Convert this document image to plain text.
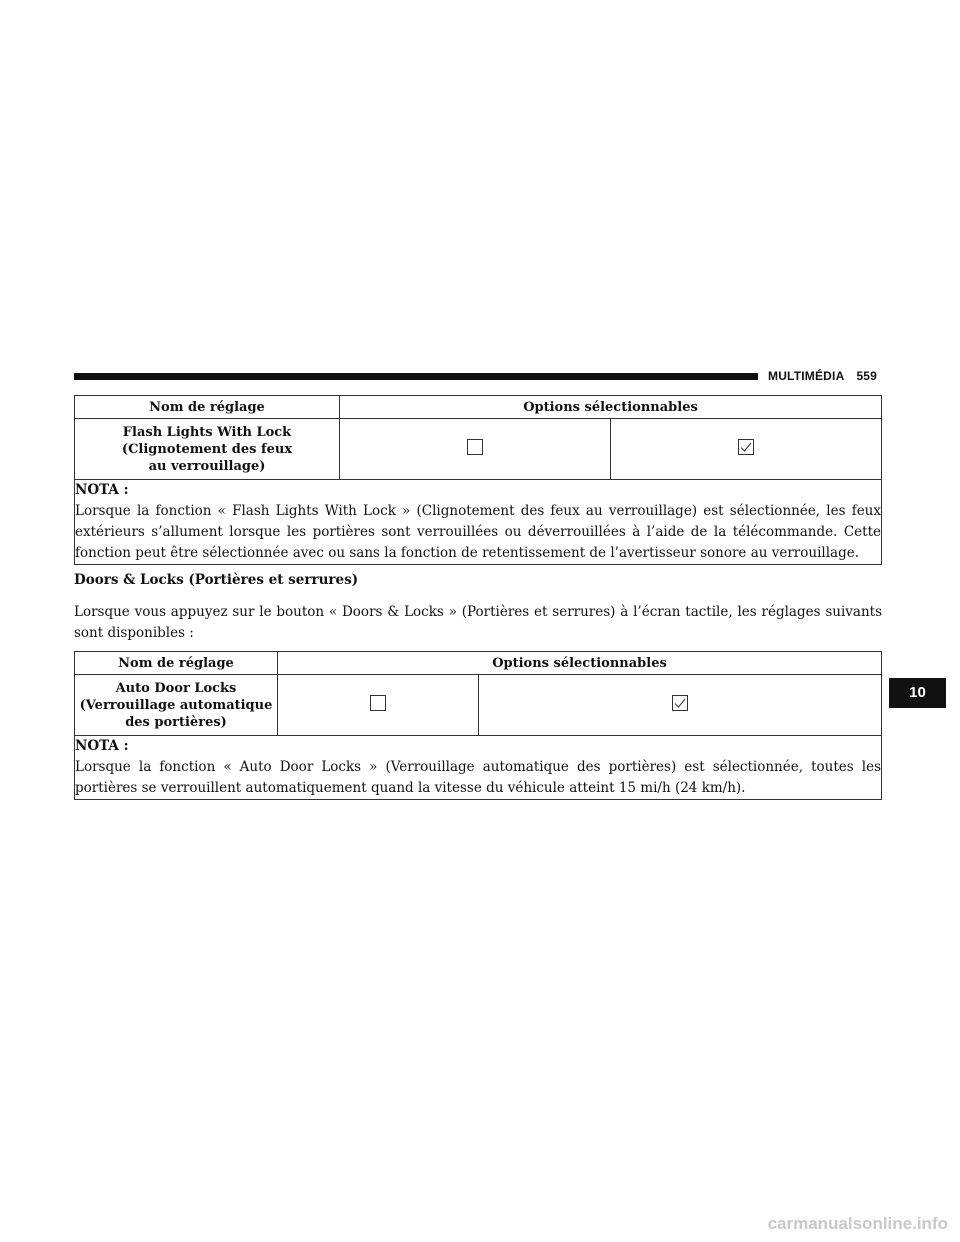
MULTIMÉDIA 559
Nom de réglage	Options sélectionnables	

Flash Lights With Lock
(Clignotement des feux
au verrouillage)

NOTA :
Lorsque la fonction « Flash Lights With Lock » (Clignotement des feux au verrouillage) est sélectionnée, les feux extérieurs s’allument lorsque les portières sont verrouillées ou déverrouillées à l’aide de la télécommande. Cette fonction peut être sélectionnée avec ou sans la fonction de retentissement de l’avertisseur sonore au verrouillage.		
Doors & Locks (Portières et serrures)
Lorsque vous appuyez sur le bouton « Doors & Locks » (Portières et serrures) à l’écran tactile, les réglages suivants sont disponibles :
Nom de réglage	Options sélectionnables	

Auto Door Locks
(Verrouillage automatique
des portières)

NOTA :
Lorsque la fonction « Auto Door Locks » (Verrouillage automatique des portières) est sélectionnée, toutes les portières se verrouillent automatiquement quand la vitesse du véhicule atteint 15 mi/h (24 km/h).		
10
carmanualsonline.info
